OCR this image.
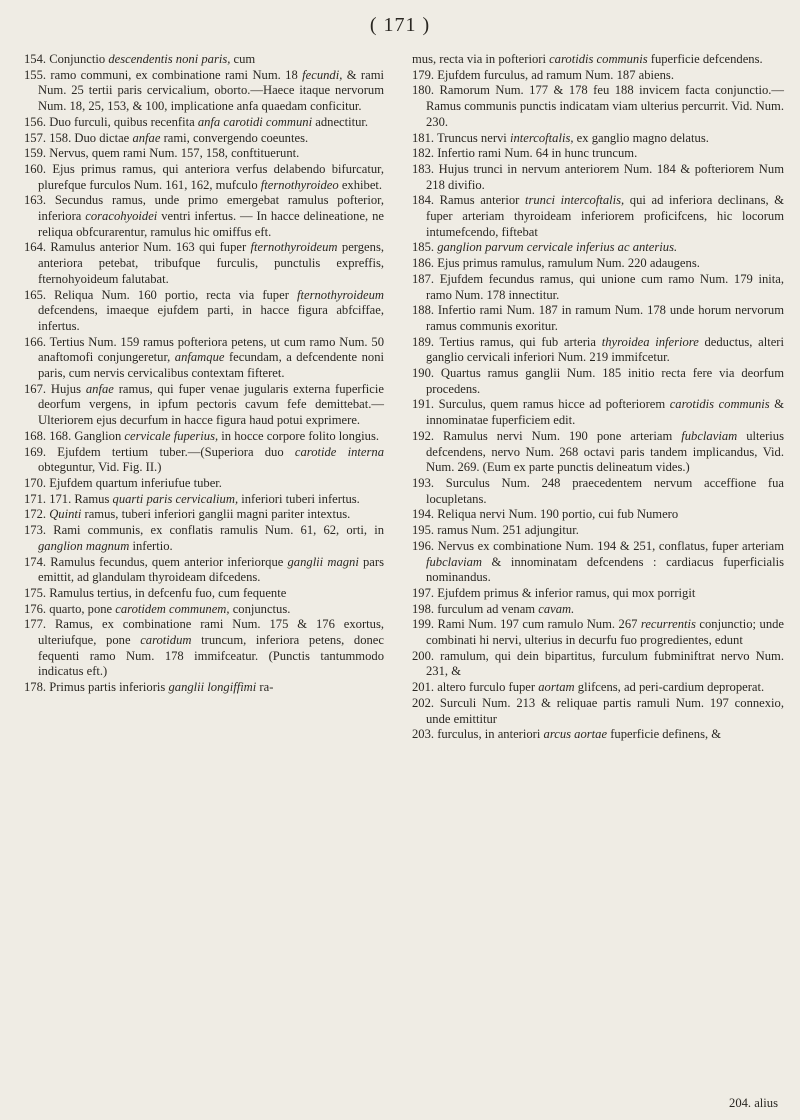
( 171 )

154. Conjunctio descendentis noni paris, cum

155. ramo communi, ex combinatione rami Num. 18 fecundi, & rami Num. 25 tertii paris cervicalium, oborto.—Haece itaque nervorum Num. 18, 25, 153, & 100, implicatione anfa quaedam conficitur.

156. Duo furculi, quibus recenfita anfa carotidi communi adnectitur.

157. 158. Duo dictae anfae rami, convergendo coeuntes.

159. Nervus, quem rami Num. 157, 158, conftituerunt.

160. Ejus primus ramus, qui anteriora verfus delabendo bifurcatur, plurefque furculos Num. 161, 162, mufculo fternothyroideo exhibet.

163. Secundus ramus, unde primo emergebat ramulus pofterior, inferiora coracohyoidei ventri infertus. — In hacce delineatione, ne reliqua obfcurarentur, ramulus hic omiffus eft.

164. Ramulus anterior Num. 163 qui fuper fternothyroideum pergens, anteriora petebat, tribufque furculis, punctulis expreffis, fternohyoideum falutabat.

165. Reliqua Num. 160 portio, recta via fuper fternothyroideum defcendens, imaeque ejufdem parti, in hacce figura abfciffae, infertus.

166. Tertius Num. 159 ramus pofteriora petens, ut cum ramo Num. 50 anaftomofi conjungeretur, anfamque fecundam, a defcendente noni paris, cum nervis cervicalibus contextam fifteret.

167. Hujus anfae ramus, qui fuper venae jugularis externa fuperficie deorfum vergens, in ipfum pectoris cavum fefe demittebat.—Ulteriorem ejus decurfum in hacce figura haud potui exprimere.

168. 168. Ganglion cervicale fuperius, in hocce corpore folito longius.

169. Ejufdem tertium tuber.—(Superiora duo carotide interna obteguntur, Vid. Fig. II.)

170. Ejufdem quartum inferiufue tuber.

171. 171. Ramus quarti paris cervicalium, inferiori tuberi infertus.

172. Quinti ramus, tuberi inferiori ganglii magni pariter intextus.

173. Rami communis, ex conflatis ramulis Num. 61, 62, orti, in ganglion magnum infertio.

174. Ramulus fecundus, quem anterior inferiorque ganglii magni pars emittit, ad glandulam thyroideam difcedens.

175. Ramulus tertius, in defcenfu fuo, cum fequente

176. quarto, pone carotidem communem, conjunctus.

177. Ramus, ex combinatione rami Num. 175 & 176 exortus, ulteriufque, pone carotidum truncum, inferiora petens, donec fequenti ramo Num. 178 immifceatur. (Punctis tantummodo indicatus eft.)

178. Primus partis inferioris ganglii longiffimi ra-

mus, recta via in pofteriori carotidis communis fuperficie defcendens.

179. Ejufdem furculus, ad ramum Num. 187 abiens.

180. Ramorum Num. 177 & 178 feu 188 invicem facta conjunctio.—Ramus communis punctis indicatam viam ulterius percurrit. Vid. Num. 230.

181. Truncus nervi intercoftalis, ex ganglio magno delatus.

182. Infertio rami Num. 64 in hunc truncum.

183. Hujus trunci in nervum anteriorem Num. 184 & pofteriorem Num 218 divifio.

184. Ramus anterior trunci intercoftalis, qui ad inferiora declinans, & fuper arteriam thyroideam inferiorem proficifcens, hic locorum intumefcendo, fiftebat

185. ganglion parvum cervicale inferius ac anterius.

186. Ejus primus ramulus, ramulum Num. 220 adaugens.

187. Ejufdem fecundus ramus, qui unione cum ramo Num. 179 inita, ramo Num. 178 innectitur.

188. Infertio rami Num. 187 in ramum Num. 178 unde horum nervorum ramus communis exoritur.

189. Tertius ramus, qui fub arteria thyroidea inferiore deductus, alteri ganglio cervicali inferiori Num. 219 immifcetur.

190. Quartus ramus ganglii Num. 185 initio recta fere via deorfum procedens.

191. Surculus, quem ramus hicce ad pofteriorem carotidis communis & innominatae fuperficiem edit.

192. Ramulus nervi Num. 190 pone arteriam fubclaviam ulterius defcendens, nervo Num. 268 octavi paris tandem implicandus, Vid. Num. 269. (Eum ex parte punctis delineatum vides.)

193. Surculus Num. 248 praecedentem nervum acceffione fua locupletans.

194. Reliqua nervi Num. 190 portio, cui fub Numero

195. ramus Num. 251 adjungitur.

196. Nervus ex combinatione Num. 194 & 251, conflatus, fuper arteriam fubclaviam & innominatam defcendens : cardiacus fuperficialis nominandus.

197. Ejufdem primus & inferior ramus, qui mox porrigit

198. furculum ad venam cavam.

199. Rami Num. 197 cum ramulo Num. 267 recurrentis conjunctio; unde combinati hi nervi, ulterius in decurfu fuo progredientes, edunt

200. ramulum, qui dein bipartitus, furculum fubminiftrat nervo Num. 231, &

201. altero furculo fuper aortam glifcens, ad peri-cardium deproperat.

202. Surculi Num. 213 & reliquae partis ramuli Num. 197 connexio, unde emittitur

203. furculus, in anteriori arcus aortae fuperficie definens, &

204. alius
